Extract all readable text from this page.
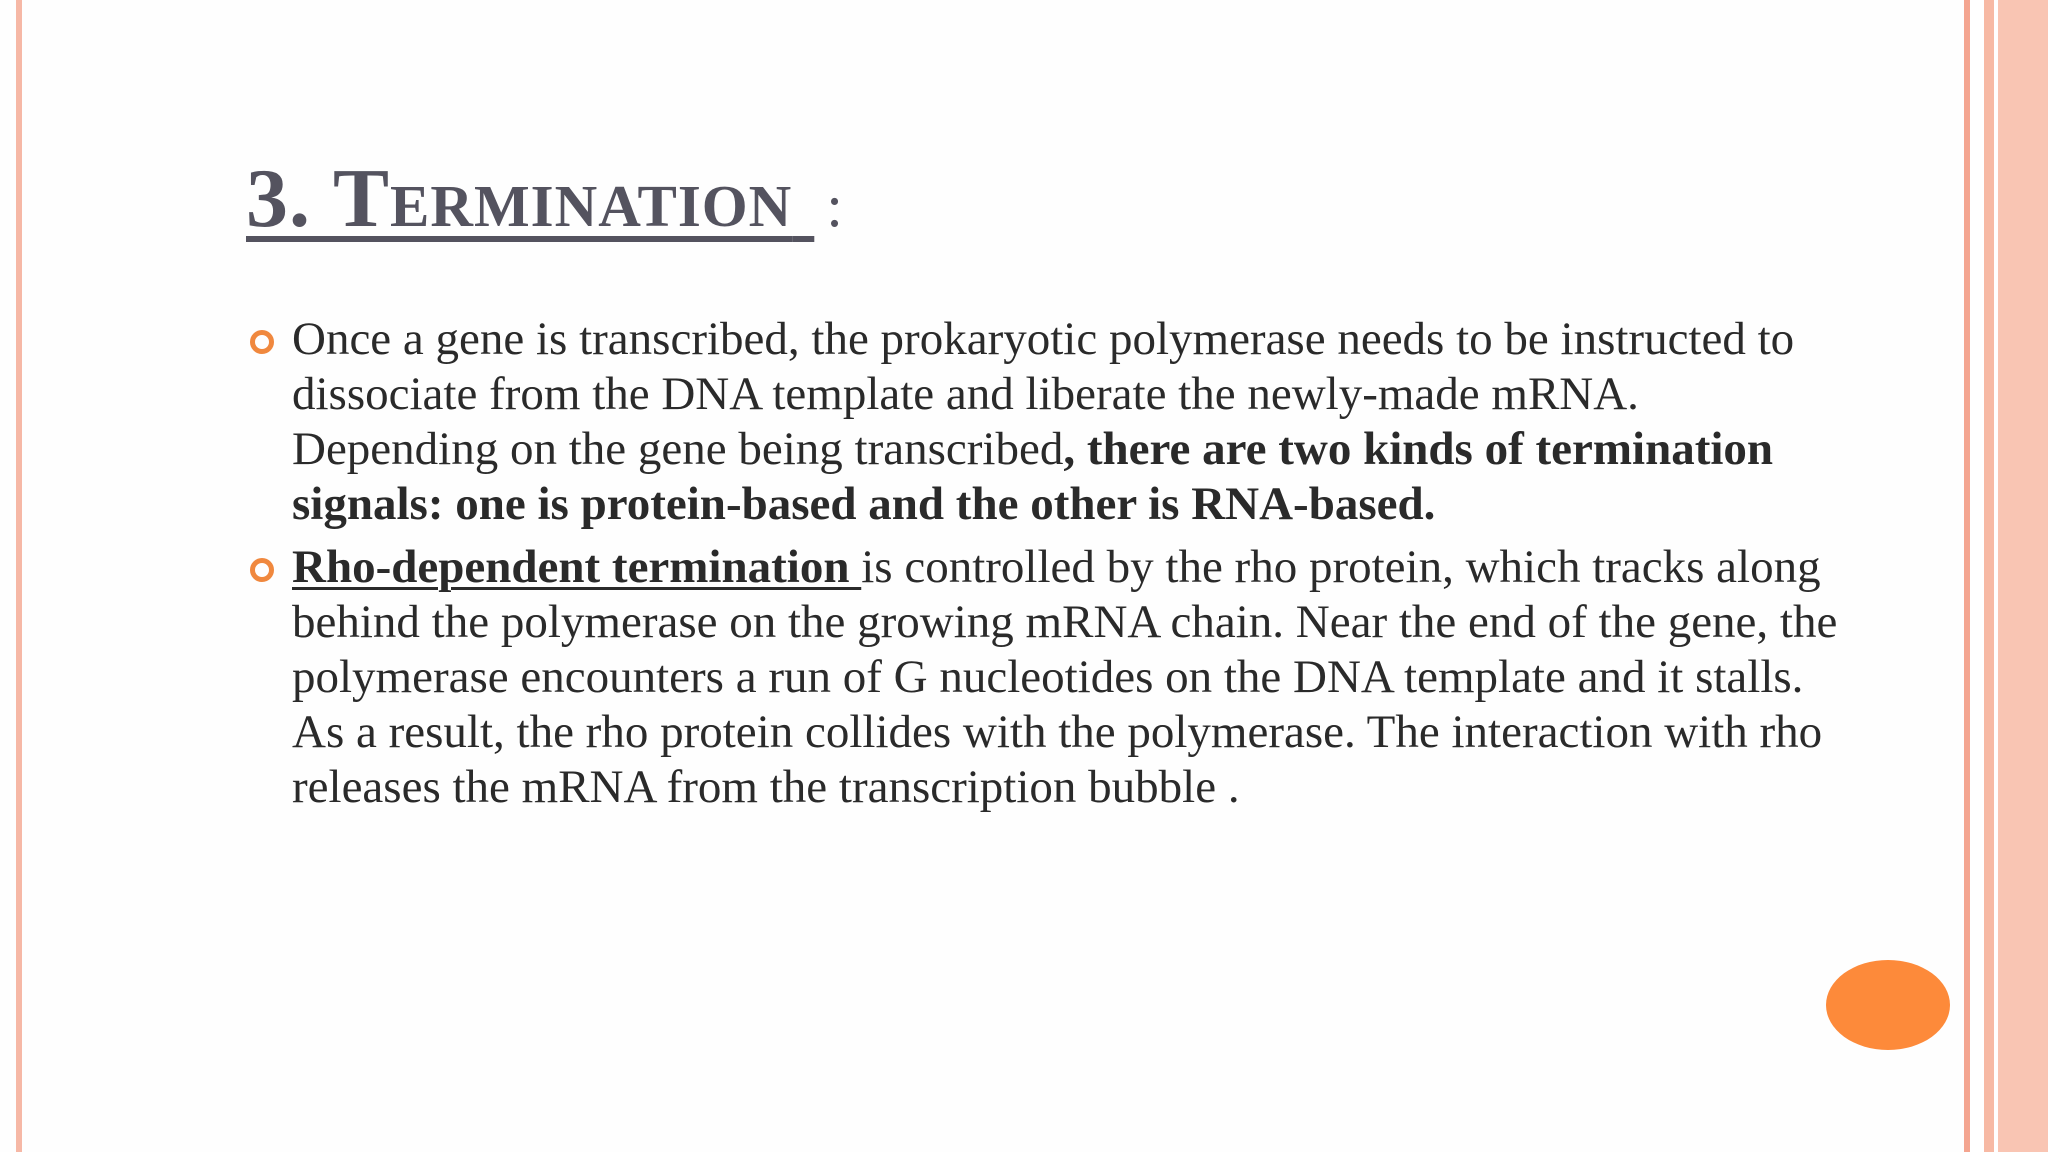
3. Termination :
Once a gene is transcribed, the prokaryotic polymerase needs to be instructed to dissociate from the DNA template and liberate the newly-made mRNA. Depending on the gene being transcribed, there are two kinds of termination signals: one is protein-based and the other is RNA-based.
Rho-dependent termination is controlled by the rho protein, which tracks along behind the polymerase on the growing mRNA chain. Near the end of the gene, the polymerase encounters a run of G nucleotides on the DNA template and it stalls. As a result, the rho protein collides with the polymerase. The interaction with rho releases the mRNA from the transcription bubble .
